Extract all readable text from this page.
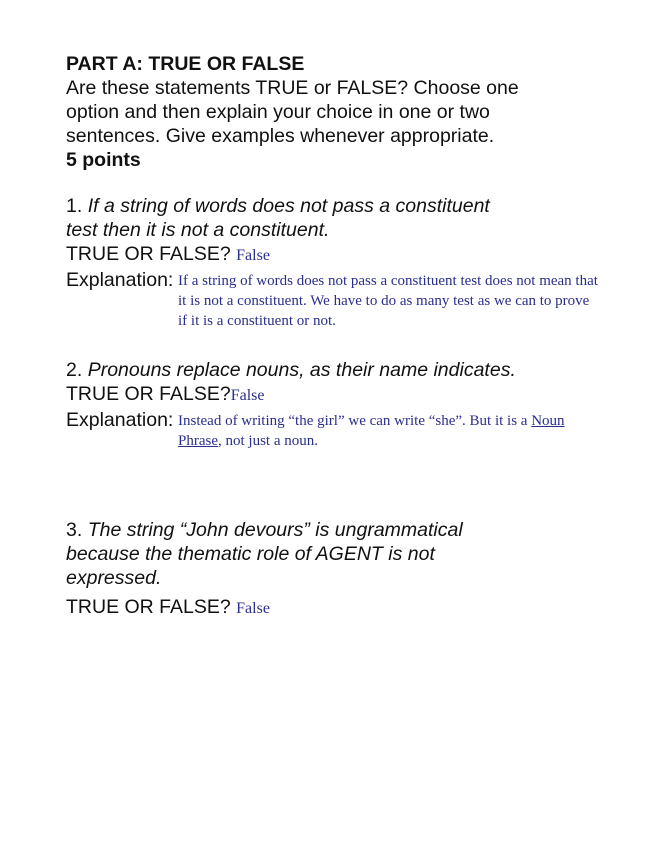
PART A: TRUE OR FALSE
Are these statements TRUE or FALSE? Choose one option and then explain your choice in one or two sentences. Give examples whenever appropriate.
5 points
1. If a string of words does not pass a constituent test then it is not a constituent.
TRUE OR FALSE? False
Explanation: If a string of words does not pass a constituent test does not mean that it is not a constituent. We have to do as many test as we can to prove if it is a constituent or not.
2. Pronouns replace nouns, as their name indicates.
TRUE OR FALSE?False
Explanation: Instead of writing “the girl” we can write “she”. But it is a Noun Phrase, not just a noun.
3. The string “John devours” is ungrammatical because the thematic role of AGENT is not expressed.
TRUE OR FALSE? False
